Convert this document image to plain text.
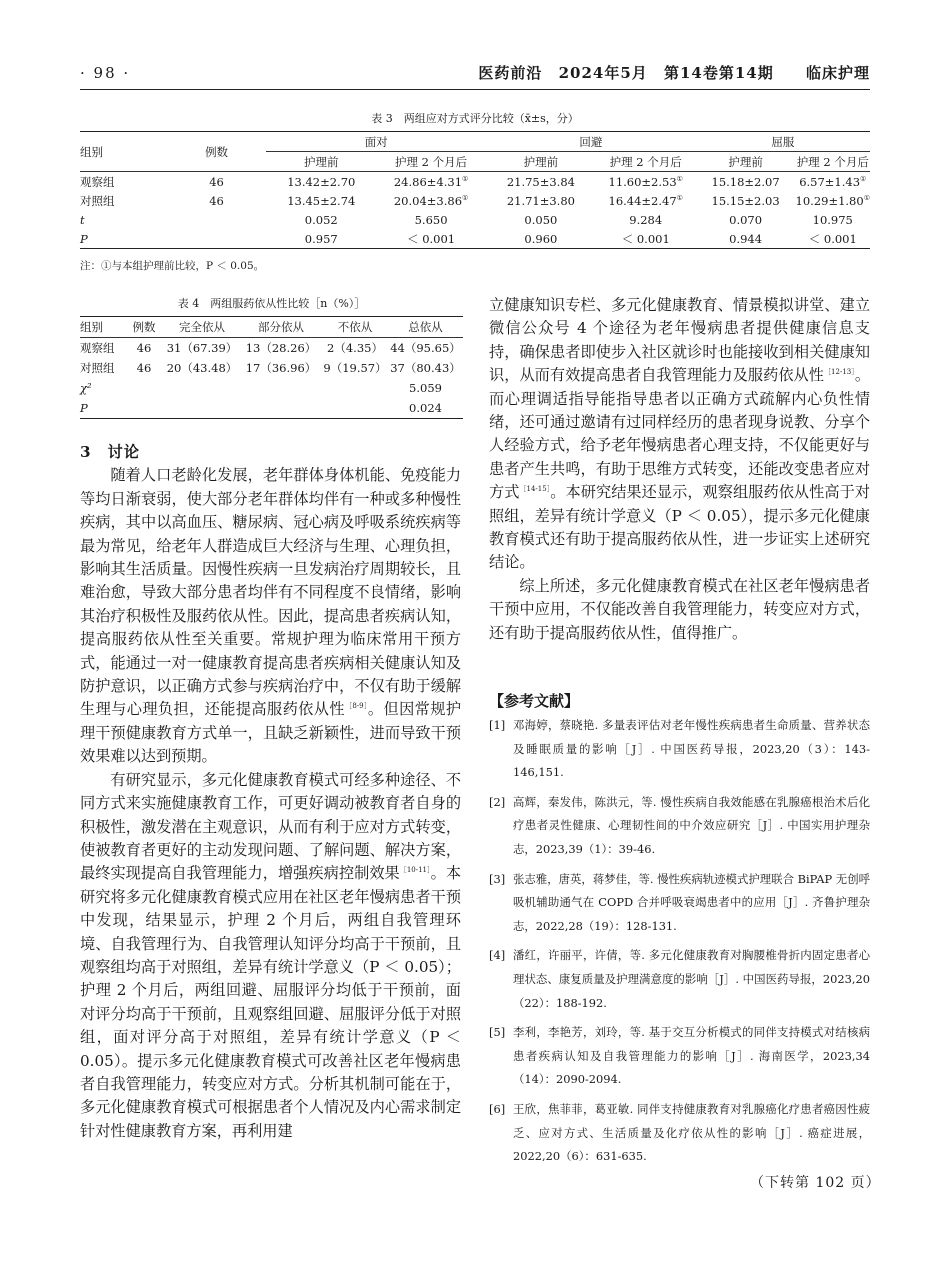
· 98 ·	医药前沿 2024年5月 第14卷第14期 临床护理
表 3　两组应对方式评分比较（x̄±s，分）
组别	例数	面对		回避		屈服	
		护理前	护理 2 个月后	护理前	护理 2 个月后	护理前	护理 2 个月后
观察组	46	13.42±2.70	24.86±4.31①	21.75±3.84	11.60±2.53①	15.18±2.07	6.57±1.43①
对照组	46	13.45±2.74	20.04±3.86①	21.71±3.80	16.44±2.47①	15.15±2.03	10.29±1.80①
t		0.052	5.650	0.050	9.284	0.070	10.975
P		0.957	＜ 0.001	0.960	＜ 0.001	0.944	＜ 0.001
注：①与本组护理前比较，P ＜ 0.05。
表 4　两组服药依从性比较［n（%）］
组别	例数	完全依从	部分依从	不依从	总依从
观察组	46	31（67.39）	13（28.26）	2（4.35）	44（95.65）
对照组	46	20（43.48）	17（36.96）	9（19.57）	37（80.43）
χ²					5.059
P					0.024

3 讨论

随着人口老龄化发展，老年群体身体机能、免疫能力等均日渐衰弱，使大部分老年群体均伴有一种或多种慢性疾病，其中以高血压、糖尿病、冠心病及呼吸系统疾病等最为常见，给老年人群造成巨大经济与生理、心理负担，影响其生活质量。因慢性疾病一旦发病治疗周期较长，且难治愈，导致大部分患者均伴有不同程度不良情绪，影响其治疗积极性及服药依从性。因此，提高患者疾病认知，提高服药依从性至关重要。常规护理为临床常用干预方式，能通过一对一健康教育提高患者疾病相关健康认知及防护意识，以正确方式参与疾病治疗中，不仅有助于缓解生理与心理负担，还能提高服药依从性$^{[8-9]}$。但因常规护理干预健康教育方式单一，且缺乏新颖性，进而导致干预效果难以达到预期。

有研究显示，多元化健康教育模式可经多种途径、不同方式来实施健康教育工作，可更好调动被教育者自身的积极性，激发潜在主观意识，从而有利于应对方式转变，使被教育者更好的主动发现问题、了解问题、解决方案，最终实现提高自我管理能力，增强疾病控制效果$^{[10-11]}$。本研究将多元化健康教育模式应用在社区老年慢病患者干预中发现，结果显示，护理 2 个月后，两组自我管理环境、自我管理行为、自我管理认知评分均高于干预前，且观察组均高于对照组，差异有统计学意义（P ＜ 0.05）；护理 2 个月后，两组回避、屈服评分均低于干预前，面对评分均高于干预前，且观察组回避、屈服评分低于对照组，面对评分高于对照组，差异有统计学意义（P ＜ 0.05）。提示多元化健康教育模式可改善社区老年慢病患者自我管理能力，转变应对方式。分析其机制可能在于，多元化健康教育模式可根据患者个人情况及内心需求制定针对性健康教育方案，再利用建

立健康知识专栏、多元化健康教育、情景模拟讲堂、建立微信公众号 4 个途径为老年慢病患者提供健康信息支持，确保患者即使步入社区就诊时也能接收到相关健康知识，从而有效提高患者自我管理能力及服药依从性$^{[12-13]}$。而心理调适指导能指导患者以正确方式疏解内心负性情绪，还可通过邀请有过同样经历的患者现身说教、分享个人经验方式，给予老年慢病患者心理支持，不仅能更好与患者产生共鸣，有助于思维方式转变，还能改变患者应对方式$^{[14-15]}$。本研究结果还显示，观察组服药依从性高于对照组，差异有统计学意义（P ＜ 0.05），提示多元化健康教育模式还有助于提高服药依从性，进一步证实上述研究结论。

综上所述，多元化健康教育模式在社区老年慢病患者干预中应用，不仅能改善自我管理能力，转变应对方式，还有助于提高服药依从性，值得推广。

【参考文献】
[1] 邓海婷，蔡晓艳. 多量表评估对老年慢性疾病患者生命质量、营养状态及睡眠质量的影响［J］. 中国医药导报，2023,20（3）：143-146,151.
[2] 高辉，秦发伟，陈洪元，等. 慢性疾病自我效能感在乳腺癌根治术后化疗患者灵性健康、心理韧性间的中介效应研究［J］. 中国实用护理杂志，2023,39（1）：39-46.
[3] 张志雅，唐英，蒋梦佳，等. 慢性疾病轨迹模式护理联合 BiPAP 无创呼吸机辅助通气在 COPD 合并呼吸衰竭患者中的应用［J］. 齐鲁护理杂志，2022,28（19）：128-131.
[4] 潘红，许丽平，许倩，等. 多元化健康教育对胸腰椎骨折内固定患者心理状态、康复质量及护理满意度的影响［J］. 中国医药导报，2023,20（22）：188-192.
[5] 李利，李艳芳，刘玲，等. 基于交互分析模式的同伴支持模式对结核病患者疾病认知及自我管理能力的影响［J］. 海南医学，2023,34（14）：2090-2094.
[6] 王欣，焦菲菲，葛亚敏. 同伴支持健康教育对乳腺癌化疗患者癌因性疲乏、应对方式、生活质量及化疗依从性的影响［J］. 癌症进展，2022,20（6）：631-635.
（下转第 102 页）
